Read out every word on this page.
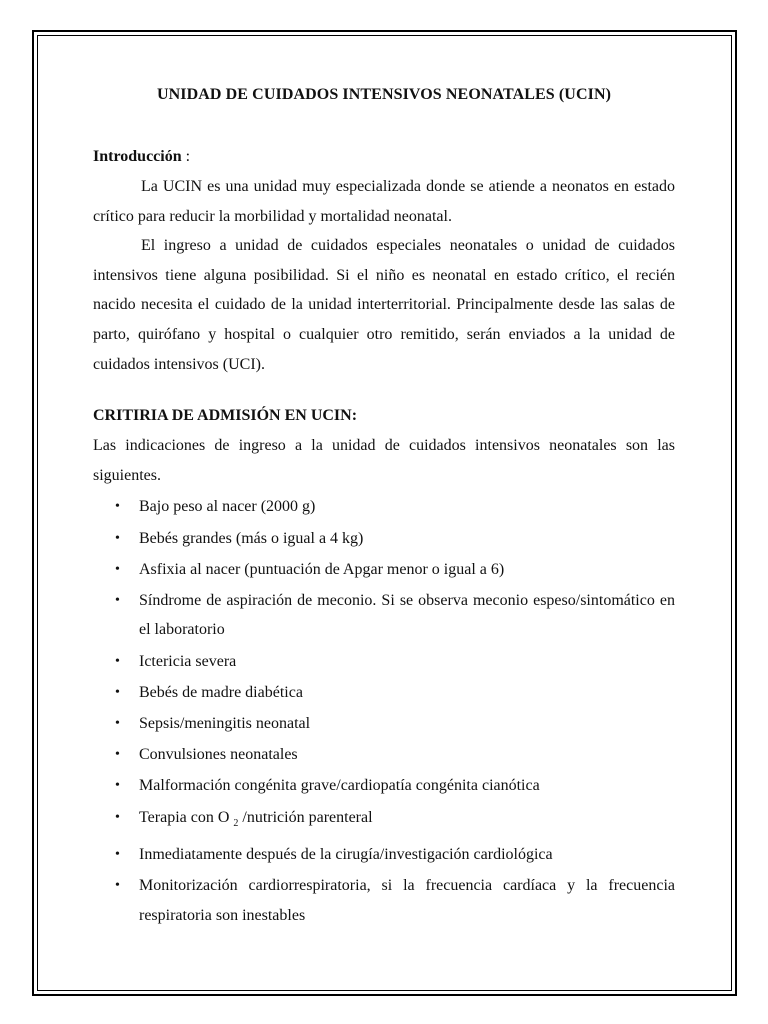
UNIDAD DE CUIDADOS INTENSIVOS NEONATALES (UCIN)
Introducción :

La UCIN es una unidad muy especializada donde se atiende a neonatos en estado crítico para reducir la morbilidad y mortalidad neonatal.

El ingreso a unidad de cuidados especiales neonatales o unidad de cuidados intensivos tiene alguna posibilidad. Si el niño es neonatal en estado crítico, el recién nacido necesita el cuidado de la unidad interterritorial. Principalmente desde las salas de parto, quirófano y hospital o cualquier otro remitido, serán enviados a la unidad de cuidados intensivos (UCI).

CRITIRIA DE ADMISIÓN EN UCIN:

Las indicaciones de ingreso a la unidad de cuidados intensivos neonatales son las siguientes.

• Bajo peso al nacer (2000 g)
• Bebés grandes (más o igual a 4 kg)
• Asfixia al nacer (puntuación de Apgar menor o igual a 6)
• Síndrome de aspiración de meconio. Si se observa meconio espeso/sintomático en el laboratorio
• Ictericia severa
• Bebés de madre diabética
• Sepsis/meningitis neonatal
• Convulsiones neonatales
• Malformación congénita grave/cardiopatía congénita cianótica
• Terapia con O $_2$ /nutrición parenteral
• Inmediatamente después de la cirugía/investigación cardiológica
• Monitorización cardiorrespiratoria, si la frecuencia cardíaca y la frecuencia respiratoria son inestables
